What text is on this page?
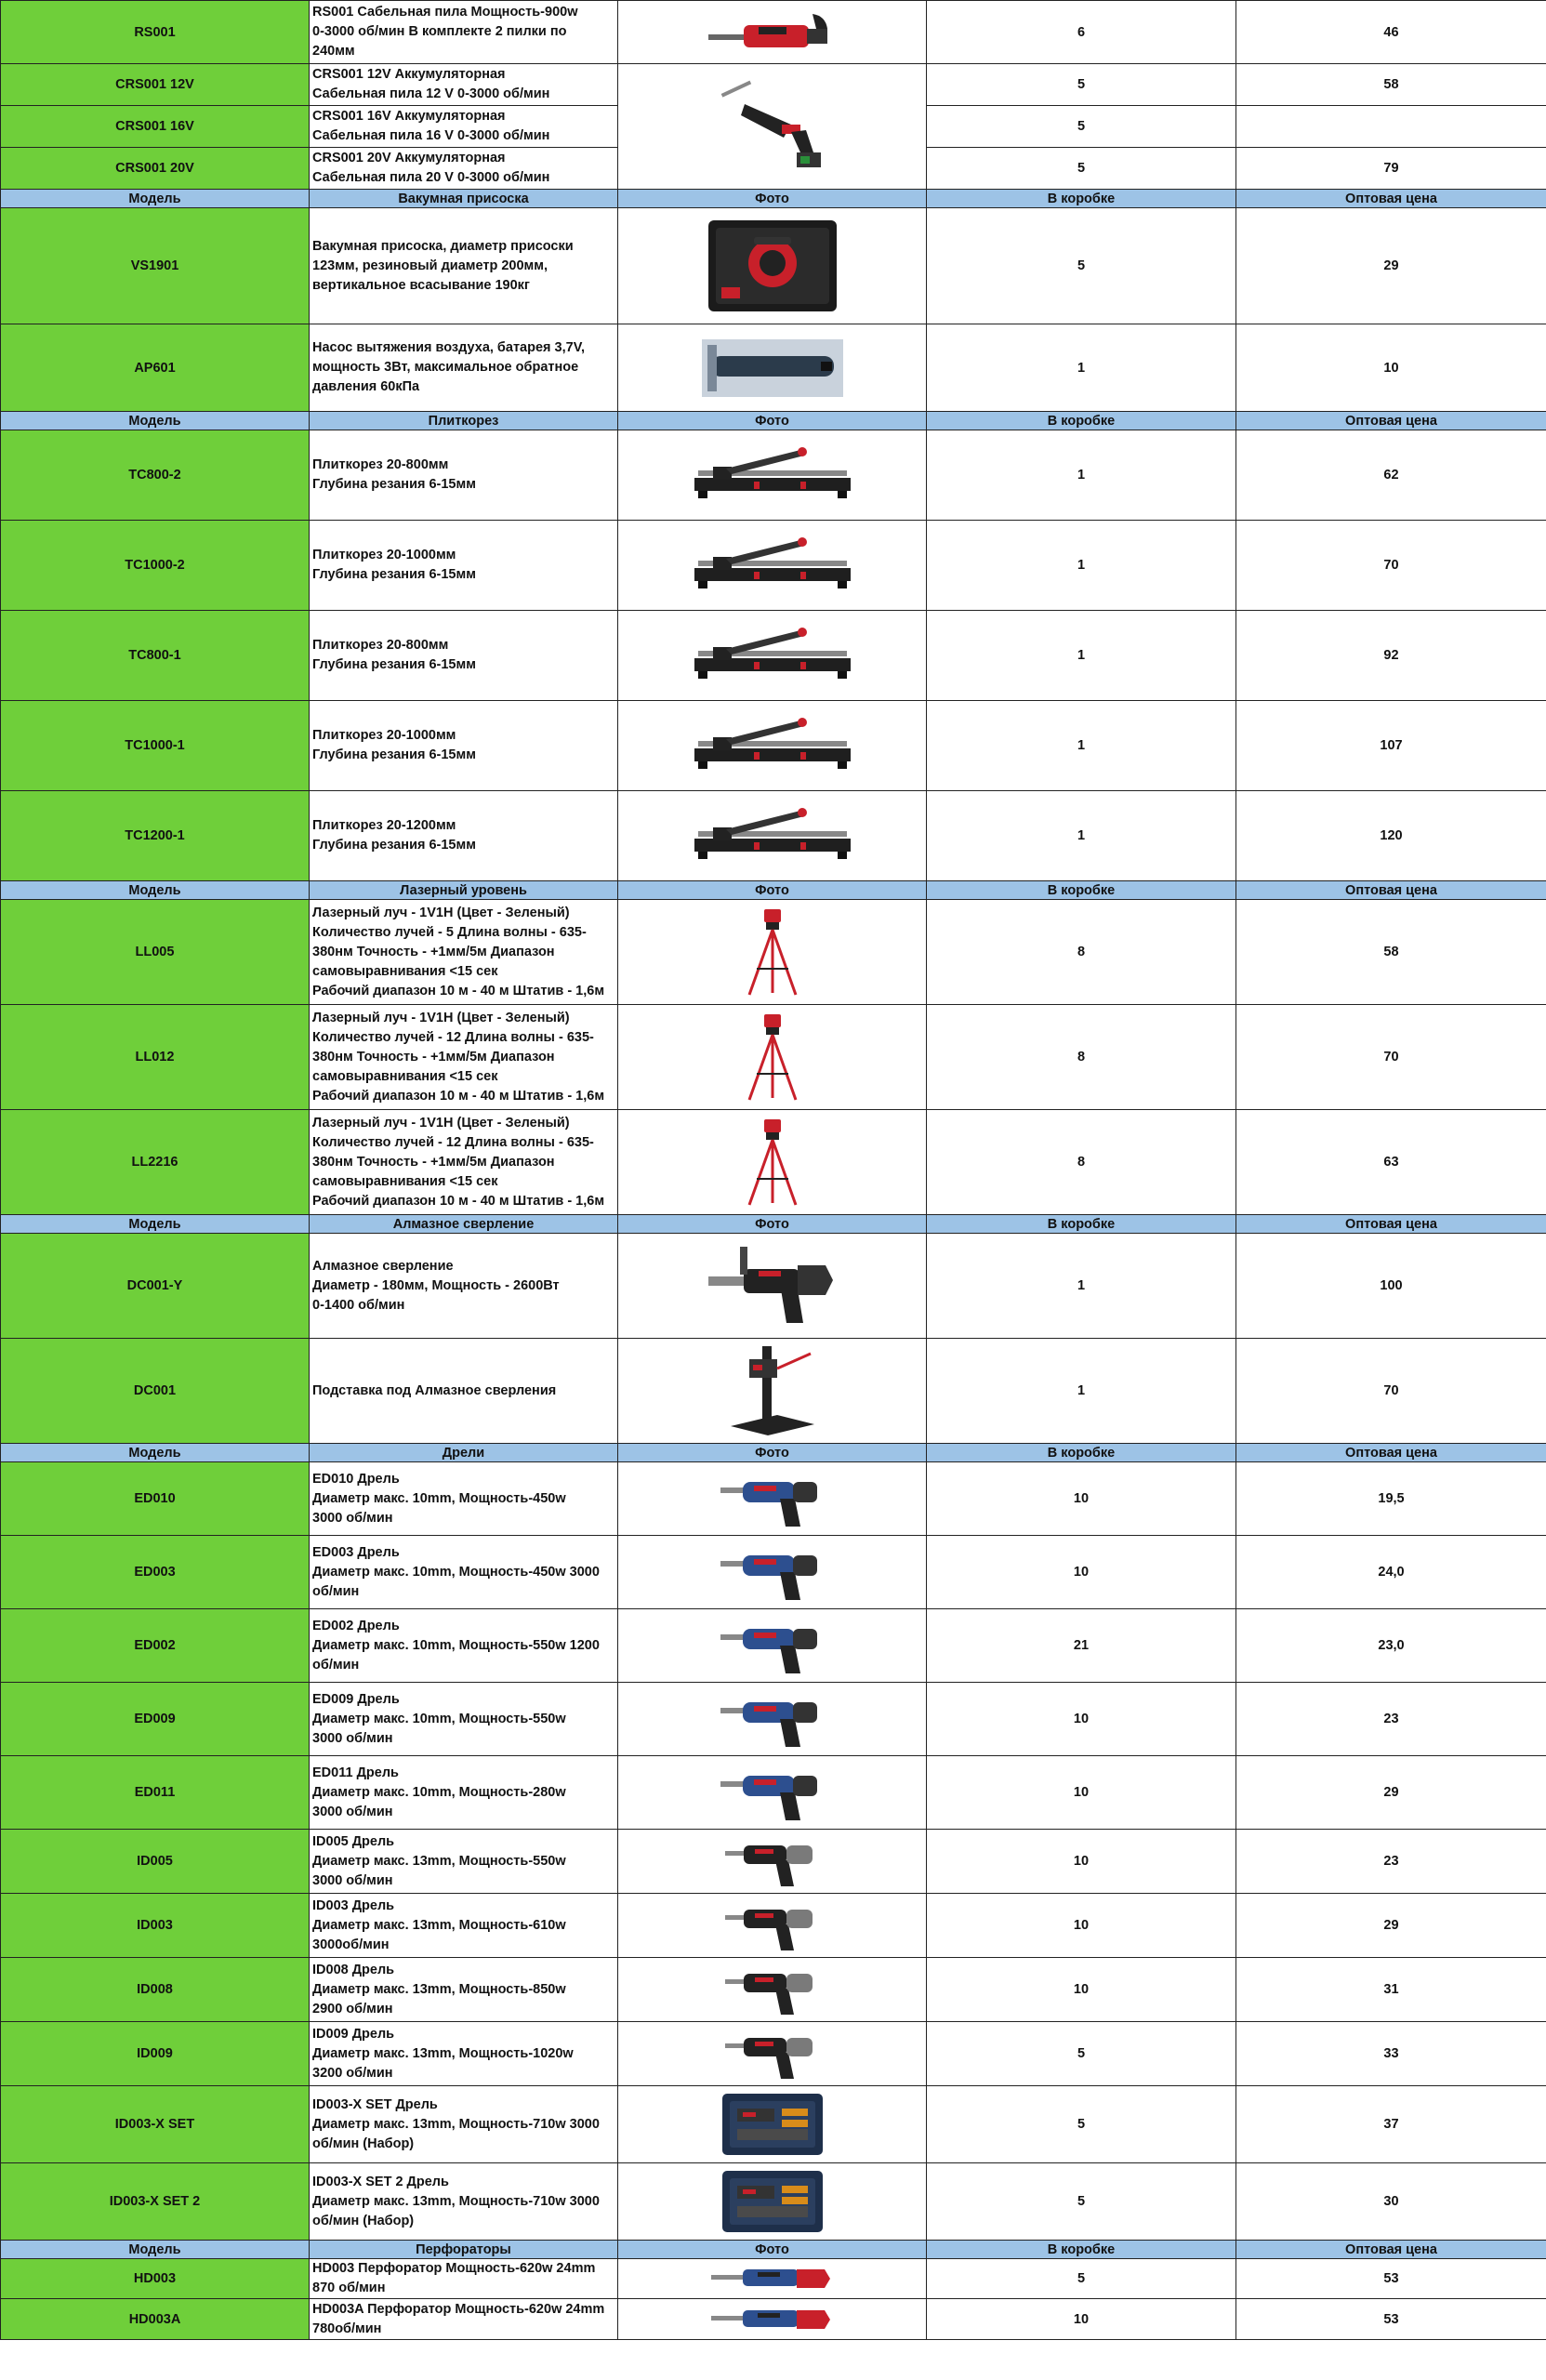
RS001	RS001 Сабельная пила Мощность-900w
0-3000 об/мин В комплекте 2 пилки по
240мм		6	46
CRS001 12V	CRS001 12V Аккумуляторная
Сабельная пила 12 V 0-3000 об/мин		5	58
CRS001 16V	CRS001 16V Аккумуляторная
Сабельная пила 16 V 0-3000 об/мин		5	
CRS001 20V	CRS001 20V Аккумуляторная
Сабельная пила 20 V 0-3000 об/мин		5	79
Модель	Вакумная присоска	Фото	В коробке	Оптовая цена
VS1901	Вакумная присоска, диаметр присоски
123мм, резиновый диаметр 200мм,
вертикальное всасывание 190кг		5	29
AP601	Насос вытяжения воздуха, батарея 3,7V,
мощность 3Вт, максимальное обратное
давления 60кПа		1	10
Модель	Плиткорез	Фото	В коробке	Оптовая цена
TC800-2	Плиткорез 20-800мм
Глубина резания 6-15мм		1	62
TC1000-2	Плиткорез 20-1000мм
Глубина резания 6-15мм		1	70
TC800-1	Плиткорез 20-800мм
Глубина резания 6-15мм		1	92
TC1000-1	Плиткорез 20-1000мм
Глубина резания 6-15мм		1	107
TC1200-1	Плиткорез 20-1200мм
Глубина резания 6-15мм		1	120
Модель	Лазерный уровень	Фото	В коробке	Оптовая цена
LL005	Лазерный луч - 1V1H (Цвет - Зеленый)
Количество лучей - 5 Длина волны - 635-
380нм Точность - +1мм/5м Диапазон
самовыравнивания <15 сек
Рабочий диапазон 10 м - 40 м Штатив - 1,6м		8	58
LL012	Лазерный луч - 1V1H (Цвет - Зеленый)
Количество лучей - 12 Длина волны - 635-
380нм Точность - +1мм/5м Диапазон
самовыравнивания <15 сек
Рабочий диапазон 10 м - 40 м Штатив - 1,6м		8	70
LL2216	Лазерный луч - 1V1H (Цвет - Зеленый)
Количество лучей - 12 Длина волны - 635-
380нм Точность - +1мм/5м Диапазон
самовыравнивания <15 сек
Рабочий диапазон 10 м - 40 м Штатив - 1,6м		8	63
Модель	Алмазное сверление	Фото	В коробке	Оптовая цена
DC001-Y	Алмазное сверление
Диаметр - 180мм, Мощность - 2600Вт
0-1400 об/мин		1	100
DC001	Подставка под Алмазное сверления		1	70
Модель	Дрели	Фото	В коробке	Оптовая цена
ED010	ED010 Дрель
Диаметр макс. 10mm, Мощность-450w
3000 об/мин		10	19,5
ED003	ED003 Дрель
Диаметр макс. 10mm, Мощность-450w 3000
об/мин		10	24,0
ED002	ED002 Дрель
Диаметр макс. 10mm, Мощность-550w 1200
об/мин		21	23,0
ED009	ED009 Дрель
Диаметр макс. 10mm, Мощность-550w
3000 об/мин		10	23
ED011	ED011 Дрель
Диаметр макс. 10mm, Мощность-280w
3000 об/мин		10	29
ID005	ID005 Дрель
Диаметр макс. 13mm, Мощность-550w
3000 об/мин		10	23
ID003	ID003 Дрель
Диаметр макс. 13mm, Мощность-610w
3000об/мин		10	29
ID008	ID008 Дрель
Диаметр макс. 13mm, Мощность-850w
2900 об/мин		10	31
ID009	ID009 Дрель
Диаметр макс. 13mm, Мощность-1020w
3200 об/мин		5	33
ID003-X SET	ID003-X SET Дрель
Диаметр макс. 13mm, Мощность-710w 3000
об/мин (Набор)		5	37
ID003-X SET 2	ID003-X SET 2 Дрель
Диаметр макс. 13mm, Мощность-710w 3000
об/мин (Набор)		5	30
Модель	Перфораторы	Фото	В коробке	Оптовая цена
HD003	HD003 Перфоратор Мощность-620w 24mm
870 об/мин		5	53
HD003A	HD003A Перфоратор Мощность-620w 24mm
780об/мин		10	53
